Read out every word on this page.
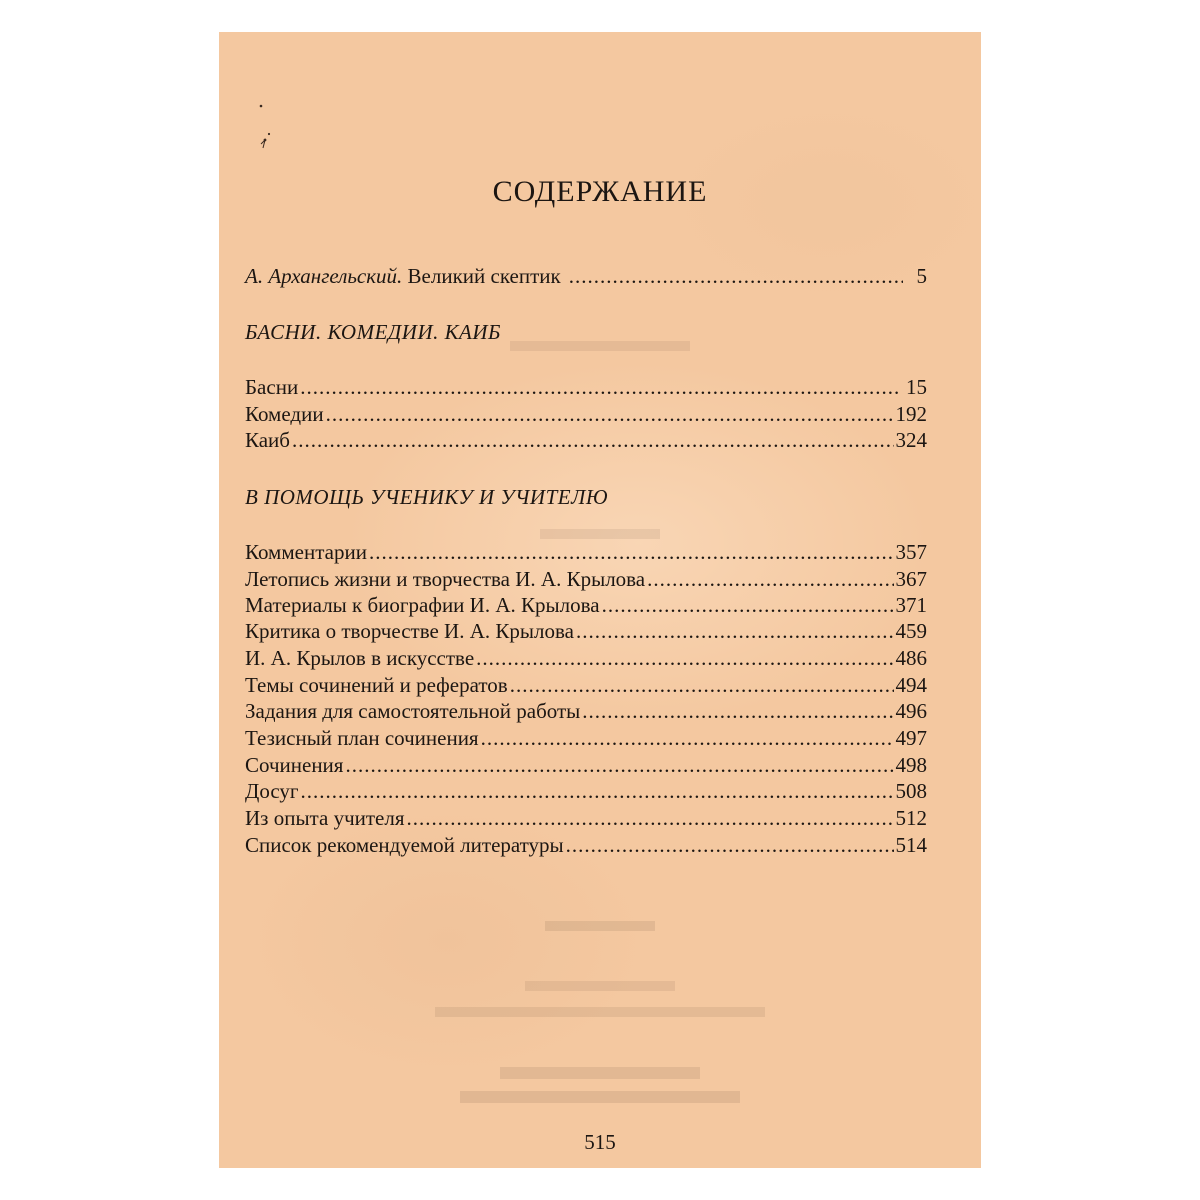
СОДЕРЖАНИЕ
А. Архангельский. Великий скептик .....	5
БАСНИ. КОМЕДИИ. КАИБ
Басни .....	15
Комедии .....	192
Каиб .....	324
В ПОМОЩЬ УЧЕНИКУ И УЧИТЕЛЮ
Комментарии .....	357
Летопись жизни и творчества И. А. Крылова .....	367
Материалы к биографии И. А. Крылова .....	371
Критика о творчестве И. А. Крылова .....	459
И. А. Крылов в искусстве .....	486
Темы сочинений и рефератов .....	494
Задания для самостоятельной работы .....	496
Тезисный план сочинения .....	497
Сочинения .....	498
Досуг .....	508
Из опыта учителя .....	512
Список рекомендуемой литературы .....	514
515
